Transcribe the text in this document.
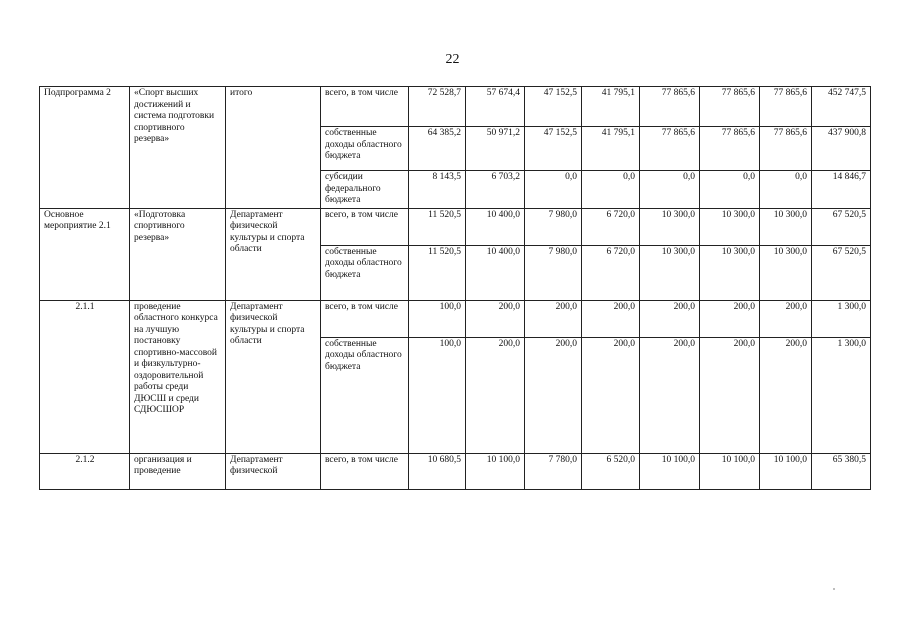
22
Подпрограмма 2	«Спорт высших достижений и система подготовки спортивного резерва»	итого	всего, в том числе	72 528,7	57 674,4	47 152,5	41 795,1	77 865,6	77 865,6	77 865,6	452 747,5
			собственные доходы областного бюджета	64 385,2	50 971,2	47 152,5	41 795,1	77 865,6	77 865,6	77 865,6	437 900,8
			субсидии федерального бюджета	8 143,5	6 703,2	0,0	0,0	0,0	0,0	0,0	14 846,7
Основное мероприятие 2.1	«Подготовка спортивного резерва»	Департамент физической культуры и спорта области	всего, в том числе	11 520,5	10 400,0	7 980,0	6 720,0	10 300,0	10 300,0	10 300,0	67 520,5
			собственные доходы областного бюджета	11 520,5	10 400,0	7 980,0	6 720,0	10 300,0	10 300,0	10 300,0	67 520,5
2.1.1	проведение областного конкурса на лучшую постановку спортивно-массовой и физкультурно-оздоровительной работы среди ДЮСШ и среди СДЮСШОР	Департамент физической культуры и спорта области	всего, в том числе	100,0	200,0	200,0	200,0	200,0	200,0	200,0	1 300,0
			собственные доходы областного бюджета	100,0	200,0	200,0	200,0	200,0	200,0	200,0	1 300,0
2.1.2	организация и проведение	Департамент физической	всего, в том числе	10 680,5	10 100,0	7 780,0	6 520,0	10 100,0	10 100,0	10 100,0	65 380,5
